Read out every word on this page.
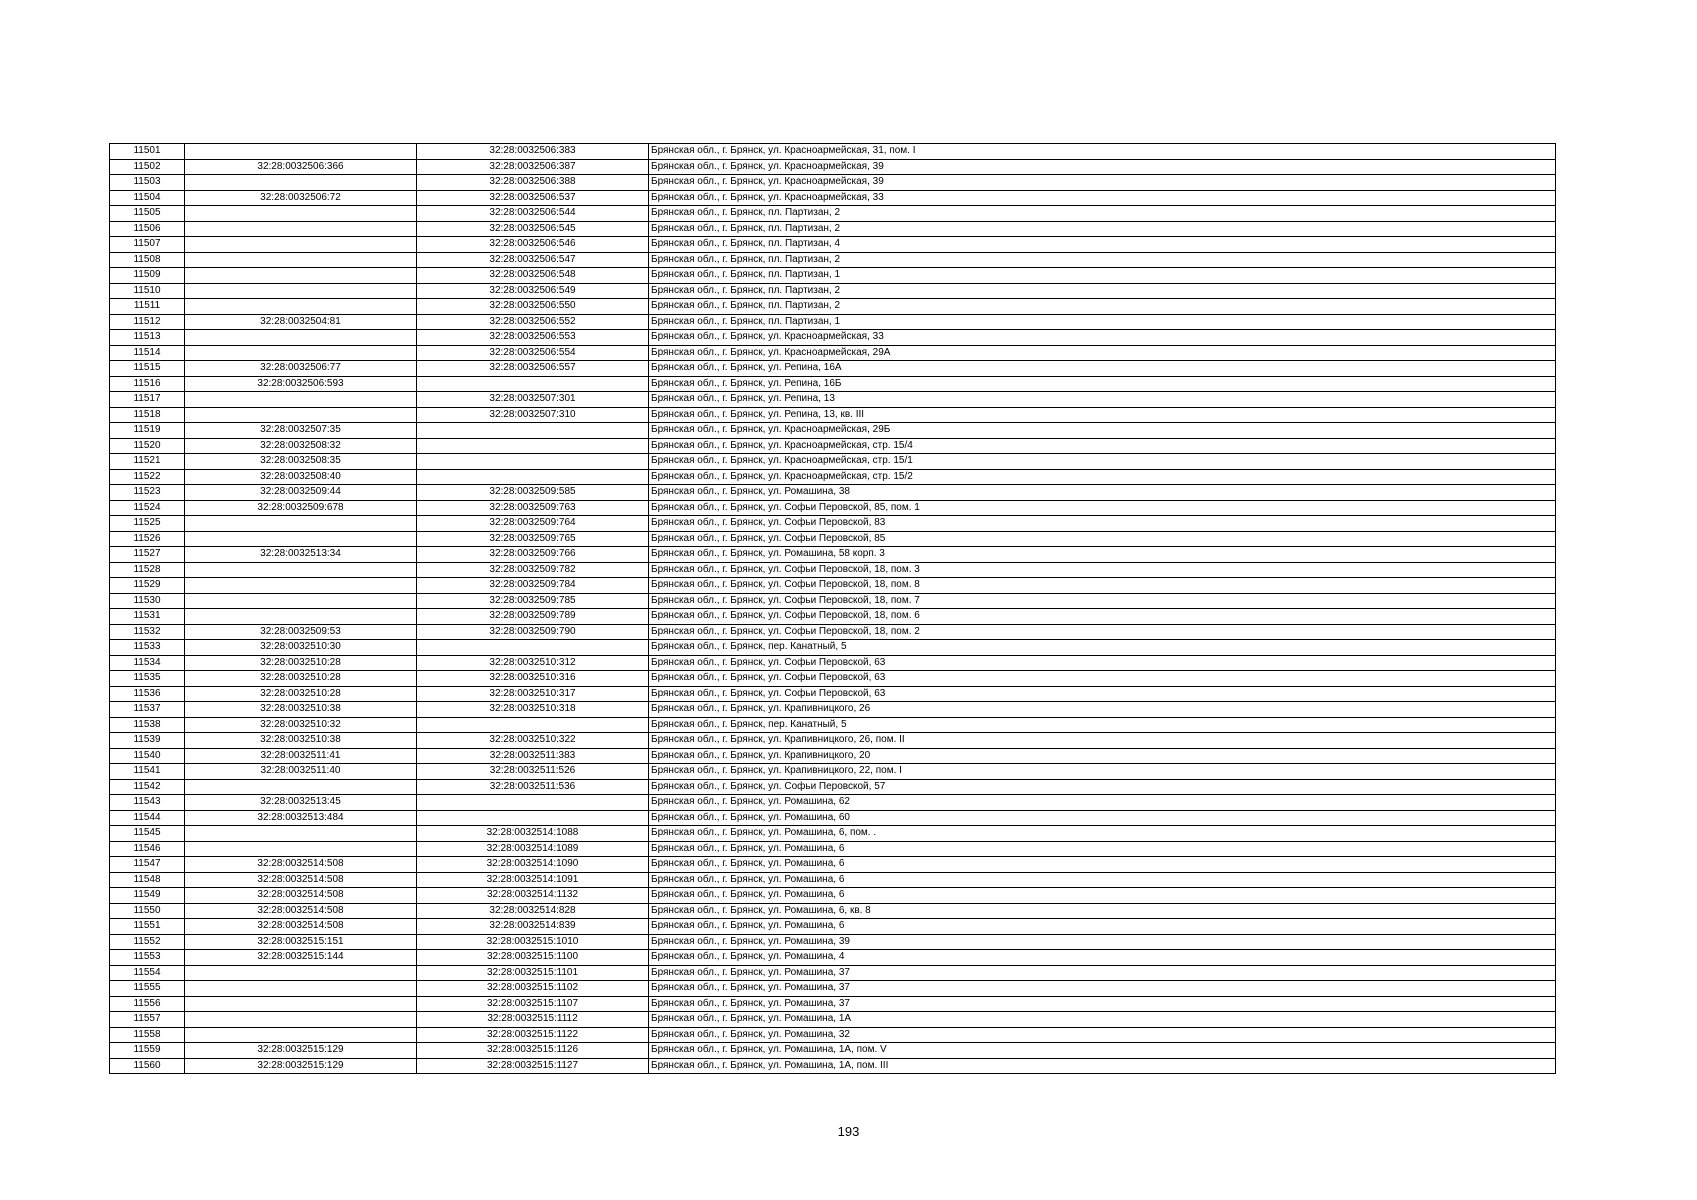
11501		32:28:0032506:383	Брянская обл., г. Брянск, ул. Красноармейская, 31, пом. I
11502	32:28:0032506:366	32:28:0032506:387	Брянская обл., г. Брянск, ул. Красноармейская, 39
11503		32:28:0032506:388	Брянская обл., г. Брянск, ул. Красноармейская, 39
11504	32:28:0032506:72	32:28:0032506:537	Брянская обл., г. Брянск, ул. Красноармейская, 33
11505		32:28:0032506:544	Брянская обл., г. Брянск, пл. Партизан, 2
11506		32:28:0032506:545	Брянская обл., г. Брянск, пл. Партизан, 2
11507		32:28:0032506:546	Брянская обл., г. Брянск, пл. Партизан, 4
11508		32:28:0032506:547	Брянская обл., г. Брянск, пл. Партизан, 2
11509		32:28:0032506:548	Брянская обл., г. Брянск, пл. Партизан, 1
11510		32:28:0032506:549	Брянская обл., г. Брянск, пл. Партизан, 2
11511		32:28:0032506:550	Брянская обл., г. Брянск, пл. Партизан, 2
11512	32:28:0032504:81	32:28:0032506:552	Брянская обл., г. Брянск, пл. Партизан, 1
11513		32:28:0032506:553	Брянская обл., г. Брянск, ул. Красноармейская, 33
11514		32:28:0032506:554	Брянская обл., г. Брянск, ул. Красноармейская, 29А
11515	32:28:0032506:77	32:28:0032506:557	Брянская обл., г. Брянск, ул. Репина, 16А
11516	32:28:0032506:593		Брянская обл., г. Брянск, ул. Репина, 16Б
11517		32:28:0032507:301	Брянская обл., г. Брянск, ул. Репина, 13
11518		32:28:0032507:310	Брянская обл., г. Брянск, ул. Репина, 13, кв. III
11519	32:28:0032507:35		Брянская обл., г. Брянск, ул. Красноармейская, 29Б
11520	32:28:0032508:32		Брянская обл., г. Брянск, ул. Красноармейская, стр. 15/4
11521	32:28:0032508:35		Брянская обл., г. Брянск, ул. Красноармейская, стр. 15/1
11522	32:28:0032508:40		Брянская обл., г. Брянск, ул. Красноармейская, стр. 15/2
11523	32:28:0032509:44	32:28:0032509:585	Брянская обл., г. Брянск, ул. Ромашина, 38
11524	32:28:0032509:678	32:28:0032509:763	Брянская обл., г. Брянск, ул. Софьи Перовской, 85, пом. 1
11525		32:28:0032509:764	Брянская обл., г. Брянск, ул. Софьи Перовской, 83
11526		32:28:0032509:765	Брянская обл., г. Брянск, ул. Софьи Перовской, 85
11527	32:28:0032513:34	32:28:0032509:766	Брянская обл., г. Брянск, ул. Ромашина, 58 корп. 3
11528		32:28:0032509:782	Брянская обл., г. Брянск, ул. Софьи Перовской, 18, пом. 3
11529		32:28:0032509:784	Брянская обл., г. Брянск, ул. Софьи Перовской, 18, пом. 8
11530		32:28:0032509:785	Брянская обл., г. Брянск, ул. Софьи Перовской, 18, пом. 7
11531		32:28:0032509:789	Брянская обл., г. Брянск, ул. Софьи Перовской, 18, пом. 6
11532	32:28:0032509:53	32:28:0032509:790	Брянская обл., г. Брянск, ул. Софьи Перовской, 18, пом. 2
11533	32:28:0032510:30		Брянская обл., г. Брянск, пер. Канатный, 5
11534	32:28:0032510:28	32:28:0032510:312	Брянская обл., г. Брянск, ул. Софьи Перовской, 63
11535	32:28:0032510:28	32:28:0032510:316	Брянская обл., г. Брянск, ул. Софьи Перовской, 63
11536	32:28:0032510:28	32:28:0032510:317	Брянская обл., г. Брянск, ул. Софьи Перовской, 63
11537	32:28:0032510:38	32:28:0032510:318	Брянская обл., г. Брянск, ул. Крапивницкого, 26
11538	32:28:0032510:32		Брянская обл., г. Брянск, пер. Канатный, 5
11539	32:28:0032510:38	32:28:0032510:322	Брянская обл., г. Брянск, ул. Крапивницкого, 26, пом. II
11540	32:28:0032511:41	32:28:0032511:383	Брянская обл., г. Брянск, ул. Крапивницкого, 20
11541	32:28:0032511:40	32:28:0032511:526	Брянская обл., г. Брянск, ул. Крапивницкого, 22, пом. I
11542		32:28:0032511:536	Брянская обл., г. Брянск, ул. Софьи Перовской, 57
11543	32:28:0032513:45		Брянская обл., г. Брянск, ул. Ромашина, 62
11544	32:28:0032513:484		Брянская обл., г. Брянск, ул. Ромашина, 60
11545		32:28:0032514:1088	Брянская обл., г. Брянск, ул. Ромашина, 6, пом. .
11546		32:28:0032514:1089	Брянская обл., г. Брянск, ул. Ромашина, 6
11547	32:28:0032514:508	32:28:0032514:1090	Брянская обл., г. Брянск, ул. Ромашина, 6
11548	32:28:0032514:508	32:28:0032514:1091	Брянская обл., г. Брянск, ул. Ромашина, 6
11549	32:28:0032514:508	32:28:0032514:1132	Брянская обл., г. Брянск, ул. Ромашина, 6
11550	32:28:0032514:508	32:28:0032514:828	Брянская обл., г. Брянск, ул. Ромашина, 6, кв. 8
11551	32:28:0032514:508	32:28:0032514:839	Брянская обл., г. Брянск, ул. Ромашина, 6
11552	32:28:0032515:151	32:28:0032515:1010	Брянская обл., г. Брянск, ул. Ромашина, 39
11553	32:28:0032515:144	32:28:0032515:1100	Брянская обл., г. Брянск, ул. Ромашина, 4
11554		32:28:0032515:1101	Брянская обл., г. Брянск, ул. Ромашина, 37
11555		32:28:0032515:1102	Брянская обл., г. Брянск, ул. Ромашина, 37
11556		32:28:0032515:1107	Брянская обл., г. Брянск, ул. Ромашина, 37
11557		32:28:0032515:1112	Брянская обл., г. Брянск, ул. Ромашина, 1А
11558		32:28:0032515:1122	Брянская обл., г. Брянск, ул. Ромашина, 32
11559	32:28:0032515:129	32:28:0032515:1126	Брянская обл., г. Брянск, ул. Ромашина, 1А, пом. V
11560	32:28:0032515:129	32:28:0032515:1127	Брянская обл., г. Брянск, ул. Ромашина, 1А, пом. III
193
